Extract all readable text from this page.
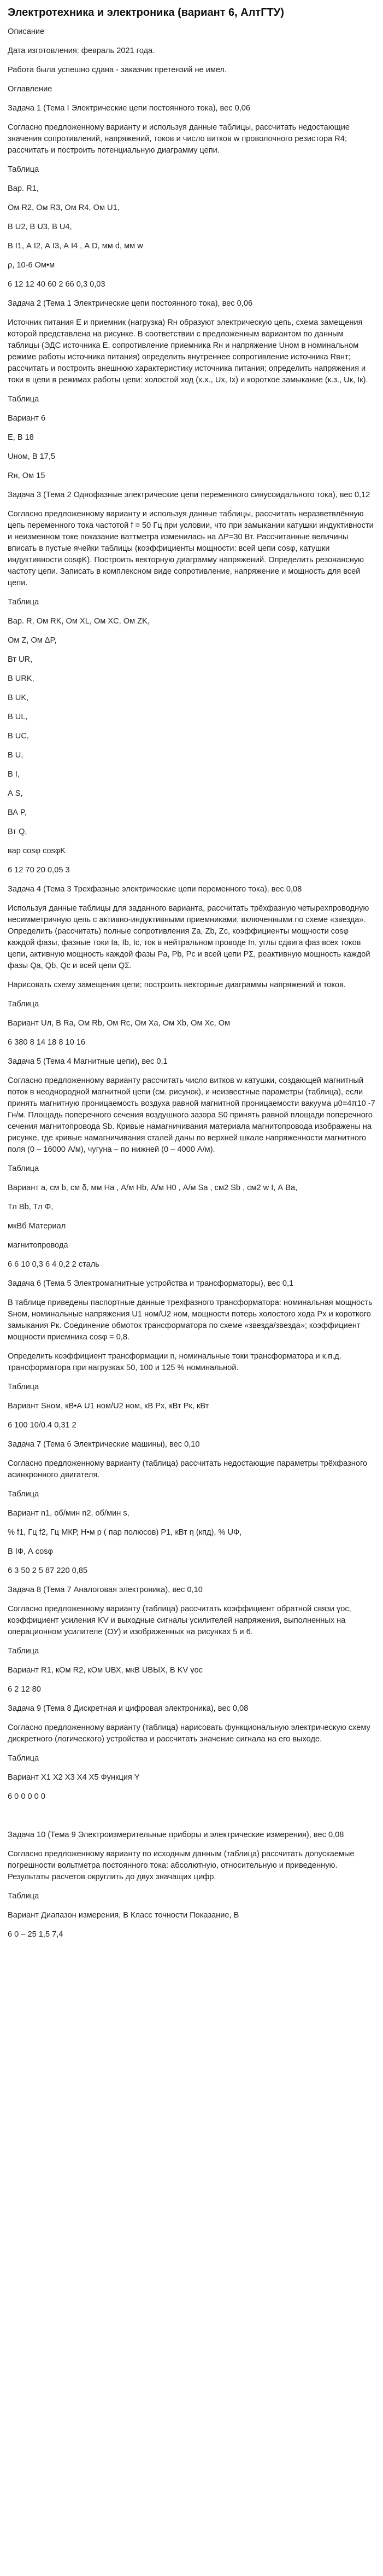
Электротехника и электроника (вариант 6, АлтГТУ)
Описание
Дата изготовления: февраль 2021 года.
Работа была успешно сдана - заказчик претензий не имел.
Оглавление
Задача 1 (Тема I Электрические цепи постоянного тока), вес 0,06
Согласно предложенному варианту и используя данные таблицы, рассчитать недостающие значения сопротивлений, напряжений, токов и число витков w проволочного резистора R4; рассчитать и построить потенциальную диаграмму цепи.
Таблица
Вар. R1,
Ом R2, Ом R3, Ом R4, Ом U1,
В U2, В U3, В U4,
В I1, А I2, А I3, А I4 , А D, мм d, мм w
ρ, 10-6 Ом•м
6 12 12 40 60 2 66 0,3 0,03
Задача 2 (Тема 1 Электрические цепи постоянного тока), вес 0,06
Источник питания E и приемник (нагрузка) Rн образуют электрическую цепь, схема замещения которой представлена на рисунке. В соответствии с предложенным вариантом по данным таблицы (ЭДС источника E, сопротивление приемника Rн и напряжение Uном в номинальном режиме работы источника питания) определить внутреннее сопротивление источника Rвнт; рассчитать и построить внешнюю характеристику источника питания; определить напряжения и токи в цепи в режимах работы цепи: холостой ход (х.х., Ux, Ix) и короткое замыкание (к.з., Uк, Iк).
Таблица
Вариант 6
E, В 18
Uном, В 17,5
Rн, Ом 15
Задача 3 (Тема 2 Однофазные электрические цепи переменного синусоидального тока), вес 0,12
Согласно предложенному варианту и используя данные таблицы, рассчитать неразветвлённую цепь переменного тока частотой f = 50 Гц при условии, что при замыкании катушки индуктивности и неизменном токе показание ваттметра изменилась на ΔP=30 Вт. Рассчитанные величины вписать в пустые ячейки таблицы (коэффициенты мощности: всей цепи cosφ, катушки индуктивности cosφK). Построить векторную диаграмму напряжений. Определить резонансную частоту цепи. Записать в комплексном виде сопротивление, напряжение и мощность для всей цепи.
Таблица
Вар. R, Ом RK, Ом XL, Ом XC, Ом ZK,
Ом Z, Ом ΔP,
Вт UR,
В URK,
В UK,
В UL,
В UC,
В U,
В I,
А S,
ВА P,
Вт Q,
вар cosφ cosφK
6 12 70 20 0,05 3
Задача 4 (Тема 3 Трехфазные электрические цепи переменного тока), вес 0,08
Используя данные таблицы для заданного варианта, рассчитать трёхфазную четырехпроводную несимметричную цепь с активно-индуктивными приемниками, включенными по схеме «звезда». Определить (рассчитать) полные сопротивления Za, Zb, Zc, коэффициенты мощности cosφ каждой фазы, фазные токи Ia, Ib, Ic, ток в нейтральном проводе In, углы сдвига фаз всех токов цепи, активную мощность каждой фазы Pa, Pb, Pc и всей цепи PΣ, реактивную мощность каждой фазы Qa, Qb, Qc и всей цепи QΣ.
Нарисовать схему замещения цепи; построить векторные диаграммы напряжений и токов.
Таблица
Вариант Uл, В Ra, Ом Rb, Ом Rc, Ом Xa, Ом Xb, Ом Xc, Ом
6 380 8 14 18 8 10 16
Задача 5 (Тема 4 Магнитные цепи), вес 0,1
Согласно предложенному варианту рассчитать число витков w катушки, создающей магнитный поток в неоднородной магнитной цепи (см. рисунок), и неизвестные параметры (таблица), если принять магнитную проницаемость воздуха равной магнитной проницаемости вакуума μ0=4π10 -7 Гн/м. Площадь поперечного сечения воздушного зазора S0 принять равной площади поперечного сечения магнитопровода Sb. Кривые намагничивания материала магнитопровода изображены на рисунке, где кривые намагничивания сталей даны по верхней шкале напряженности магнитного поля (0 – 16000 А/м), чугуна – по нижней (0 – 4000 А/м).
Таблица
Вариант a, см b, см δ, мм Ha , А/м Hb, А/м H0 , А/м Sa , см2 Sb , см2 w I, А Ba,
Тл Bb, Тл Φ,
мкВб Материал
магнитопровода
6 6 10 0,3 6 4 0,2 2 сталь
Задача 6 (Тема 5 Электромагнитные устройства и трансформаторы), вес 0,1
В таблице приведены паспортные данные трехфазного трансформатора: номинальная мощность Sном, номинальные напряжения U1 ном/U2 ном, мощности потерь холостого хода Px и короткого замыкания Pк. Соединение обмоток трансформатора по схеме «звезда/звезда»; коэффициент мощности приемника cosφ = 0,8.
Определить коэффициент трансформации n, номинальные токи трансформатора и к.п.д. трансформатора при нагрузках 50, 100 и 125 % номинальной.
Таблица
Вариант Sном, кВ•А U1 ном/U2 ном, кВ Px, кВт Pк, кВт
6 100 10/0.4 0,31 2
Задача 7 (Тема 6 Электрические машины), вес 0,10
Согласно предложенному варианту (таблица) рассчитать недостающие параметры трёхфазного асинхронного двигателя.
Таблица
Вариант n1, об/мин n2, об/мин s,
% f1, Гц f2, Гц MКР, Н•м p ( пар полюсов) P1, кВт η (кпд), % UФ,
В IФ, А cosφ
6 3 50 2 5 87 220 0,85
Задача 8 (Тема 7 Аналоговая электроника), вес 0,10
Согласно предложенному варианту (таблица) рассчитать коэффициент обратной связи γос, коэффициент усиления KV и выходные сигналы усилителей напряжения, выполненных на операционном усилителе (ОУ) и изображенных на рисунках 5 и 6.
Таблица
Вариант R1, кОм R2, кОм UВХ, мкВ UВЫХ, В KV γос
6 2 12 80
Задача 9 (Тема 8 Дискретная и цифровая электроника), вес 0,08
Согласно предложенному варианту (таблица) нарисовать функциональную электрическую схему дискретного (логического) устройства и рассчитать значение сигнала на его выходе.
Таблица
Вариант X1 X2 X3 X4 X5 Функция Y
6 0 0 0 0 0
Задача 10 (Тема 9 Электроизмерительные приборы и электрические измерения), вес 0,08
Согласно предложенному варианту по исходным данным (таблица) рассчитать допускаемые погрешности вольтметра постоянного тока: абсолютную, относительную и приведенную. Результаты расчетов округлить до двух значащих цифр.
Таблица
Вариант Диапазон измерения, В Класс точности Показание, В
6 0 – 25 1,5 7,4
